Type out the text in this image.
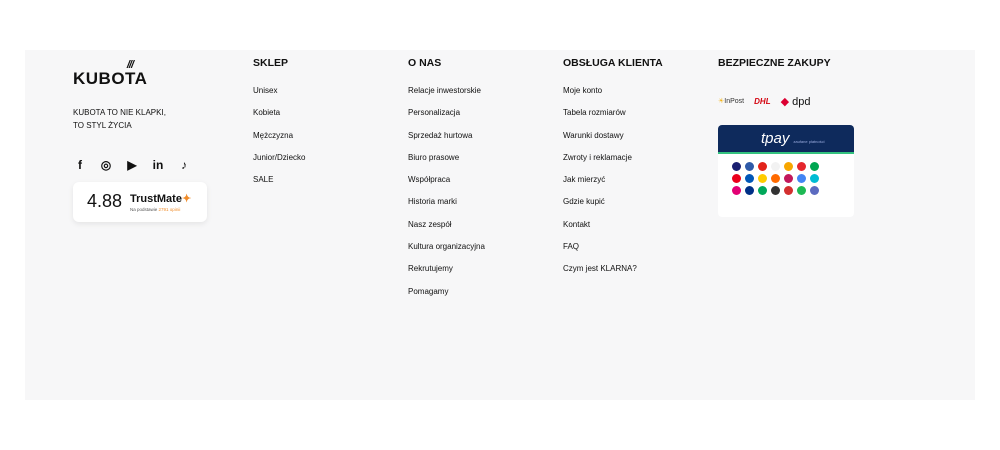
///
KUBOTA
KUBOTA TO NIE KLAPKI,
TO STYL ŻYCIA
f	◎ ▶ in	♪
4.88 TrustMate✦
Na podstawie 2791 opinii
SKLEP
Unisex
Kobieta
Mężczyzna
Junior/Dziecko
SALE
O NAS
Relacje inwestorskie
Personalizacja
Sprzedaż hurtowa
Biuro prasowe
Współpraca
Historia marki
Nasz zespół
Kultura organizacyjna
Rekrutujemy
Pomagamy
OBSŁUGA KLIENTA
Moje konto
Tabela rozmiarów
Warunki dostawy
Zwroty i reklamacje
Jak mierzyć
Gdzie kupić
Kontakt
FAQ
Czym jest KLARNA?
BEZPIECZNE ZAKUPY
☀InPost DHL ◆ dpd
tpay zaufane płatności
